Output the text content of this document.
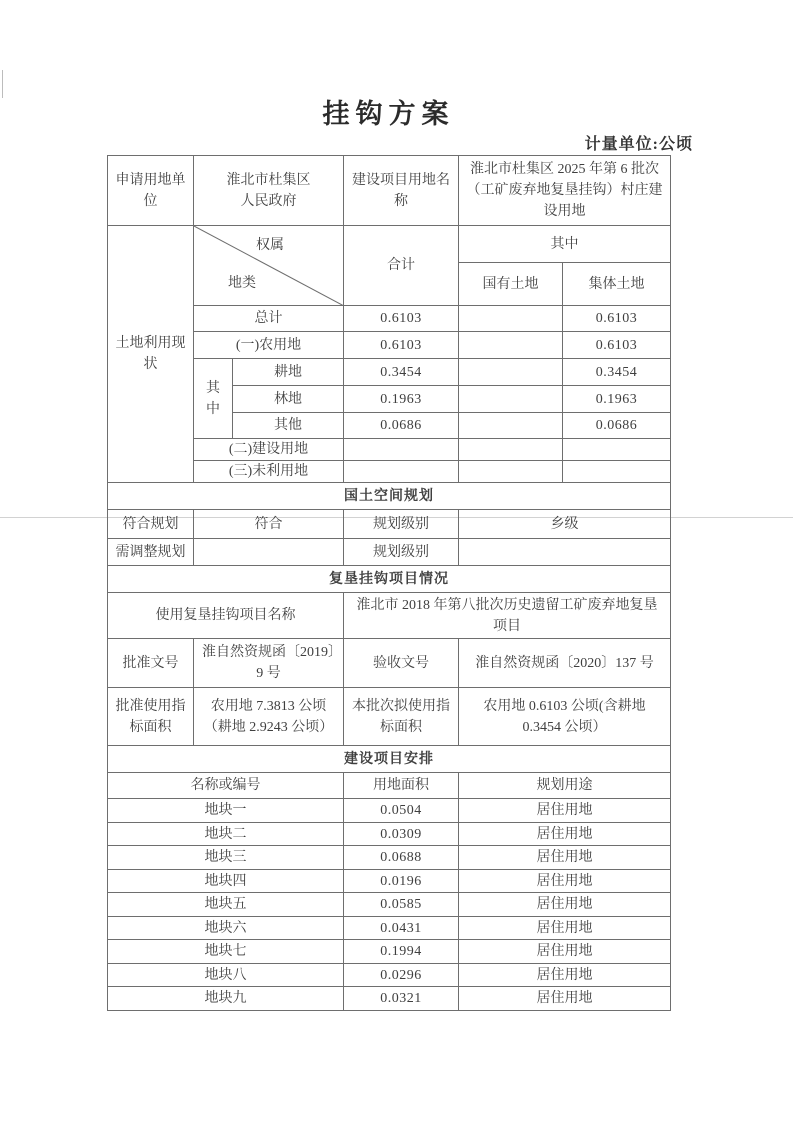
挂钩方案
计量单位:公顷
申请用地单位	淮北市杜集区人民政府		建设项目用地名称	淮北市杜集区 2025 年第 6 批次（工矿废弃地复垦挂钩）村庄建设用地	
土地利用现状	权属
地类		合计	其中	
				国有土地	集体土地
	总计		0.6103		0.6103
	(一)农用地		0.6103		0.6103
	其中	耕地	0.3454		0.3454
		林地	0.1963		0.1963
		其他	0.0686		0.0686
	(二)建设用地				
	(三)未利用地				
国土空间规划					
符合规划	符合		规划级别	乡级	
需调整规划			规划级别		
复垦挂钩项目情况					
使用复垦挂钩项目名称			淮北市 2018 年第八批次历史遗留工矿废弃地复垦项目		
批准文号	淮自然资规函〔2019〕9 号		验收文号	淮自然资规函〔2020〕137 号	
批准使用指标面积	农用地 7.3813 公顷（耕地 2.9243 公顷）		本批次拟使用指标面积	农用地 0.6103 公顷(含耕地 0.3454 公顷）	
建设项目安排					
名称或编号			用地面积	规划用途	
地块一			0.0504	居住用地	
地块二			0.0309	居住用地	
地块三			0.0688	居住用地	
地块四			0.0196	居住用地	
地块五			0.0585	居住用地	
地块六			0.0431	居住用地	
地块七			0.1994	居住用地	
地块八			0.0296	居住用地	
地块九			0.0321	居住用地	
